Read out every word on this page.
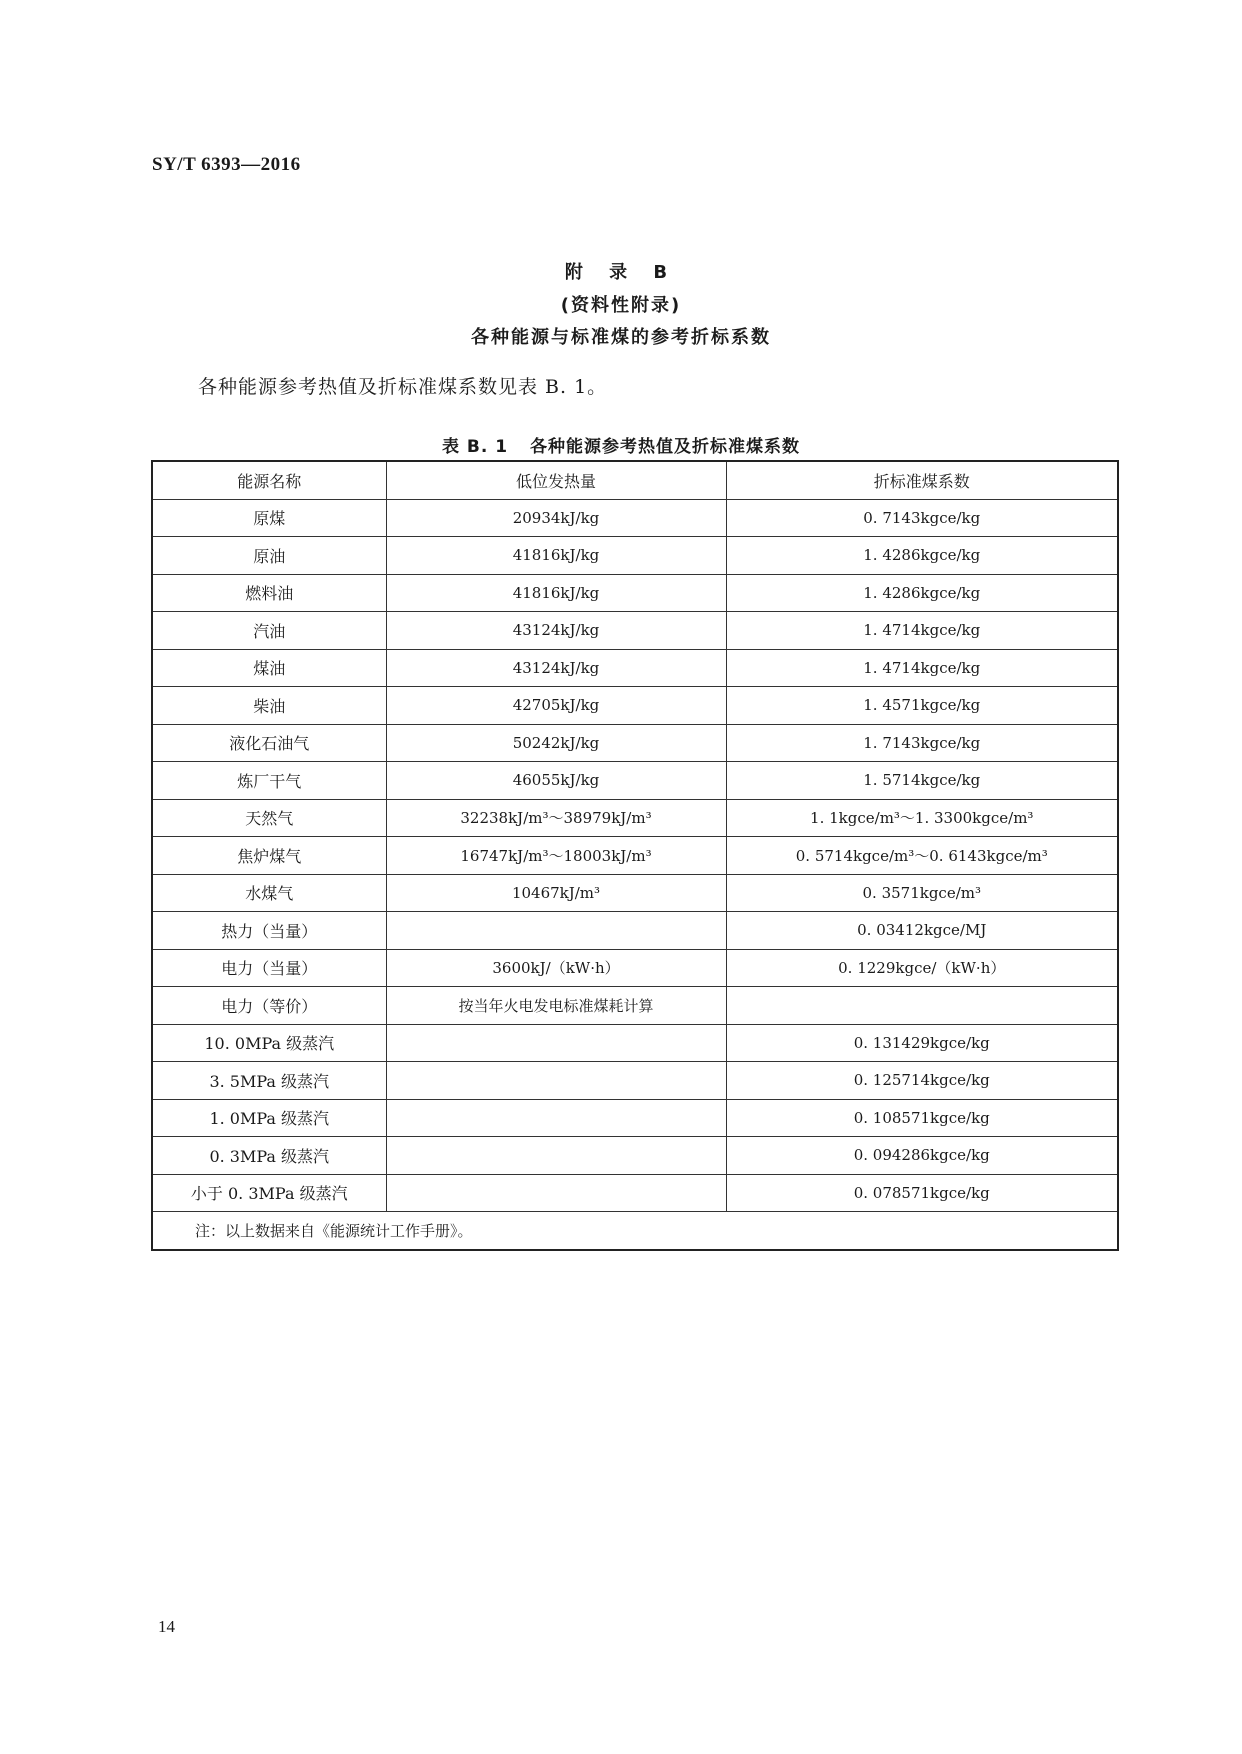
SY/T 6393—2016
附 录 B
(资料性附录)
各种能源与标准煤的参考折标系数
各种能源参考热值及折标准煤系数见表 B. 1。
表 B. 1 各种能源参考热值及折标准煤系数
能源名称	低位发热量	折标准煤系数
原煤	20934kJ/kg	0. 7143kgce/kg
原油	41816kJ/kg	1. 4286kgce/kg
燃料油	41816kJ/kg	1. 4286kgce/kg
汽油	43124kJ/kg	1. 4714kgce/kg
煤油	43124kJ/kg	1. 4714kgce/kg
柴油	42705kJ/kg	1. 4571kgce/kg
液化石油气	50242kJ/kg	1. 7143kgce/kg
炼厂干气	46055kJ/kg	1. 5714kgce/kg
天然气	32238kJ/m³～38979kJ/m³	1. 1kgce/m³～1. 3300kgce/m³
焦炉煤气	16747kJ/m³～18003kJ/m³	0. 5714kgce/m³～0. 6143kgce/m³
水煤气	10467kJ/m³	0. 3571kgce/m³
热力（当量）		0. 03412kgce/MJ
电力（当量）	3600kJ/（kW·h）	0. 1229kgce/（kW·h）
电力（等价）	按当年火电发电标准煤耗计算	
10. 0MPa 级蒸汽		0. 131429kgce/kg
3. 5MPa 级蒸汽		0. 125714kgce/kg
1. 0MPa 级蒸汽		0. 108571kgce/kg
0. 3MPa 级蒸汽		0. 094286kgce/kg
小于 0. 3MPa 级蒸汽		0. 078571kgce/kg
注：以上数据来自《能源统计工作手册》。		
14
